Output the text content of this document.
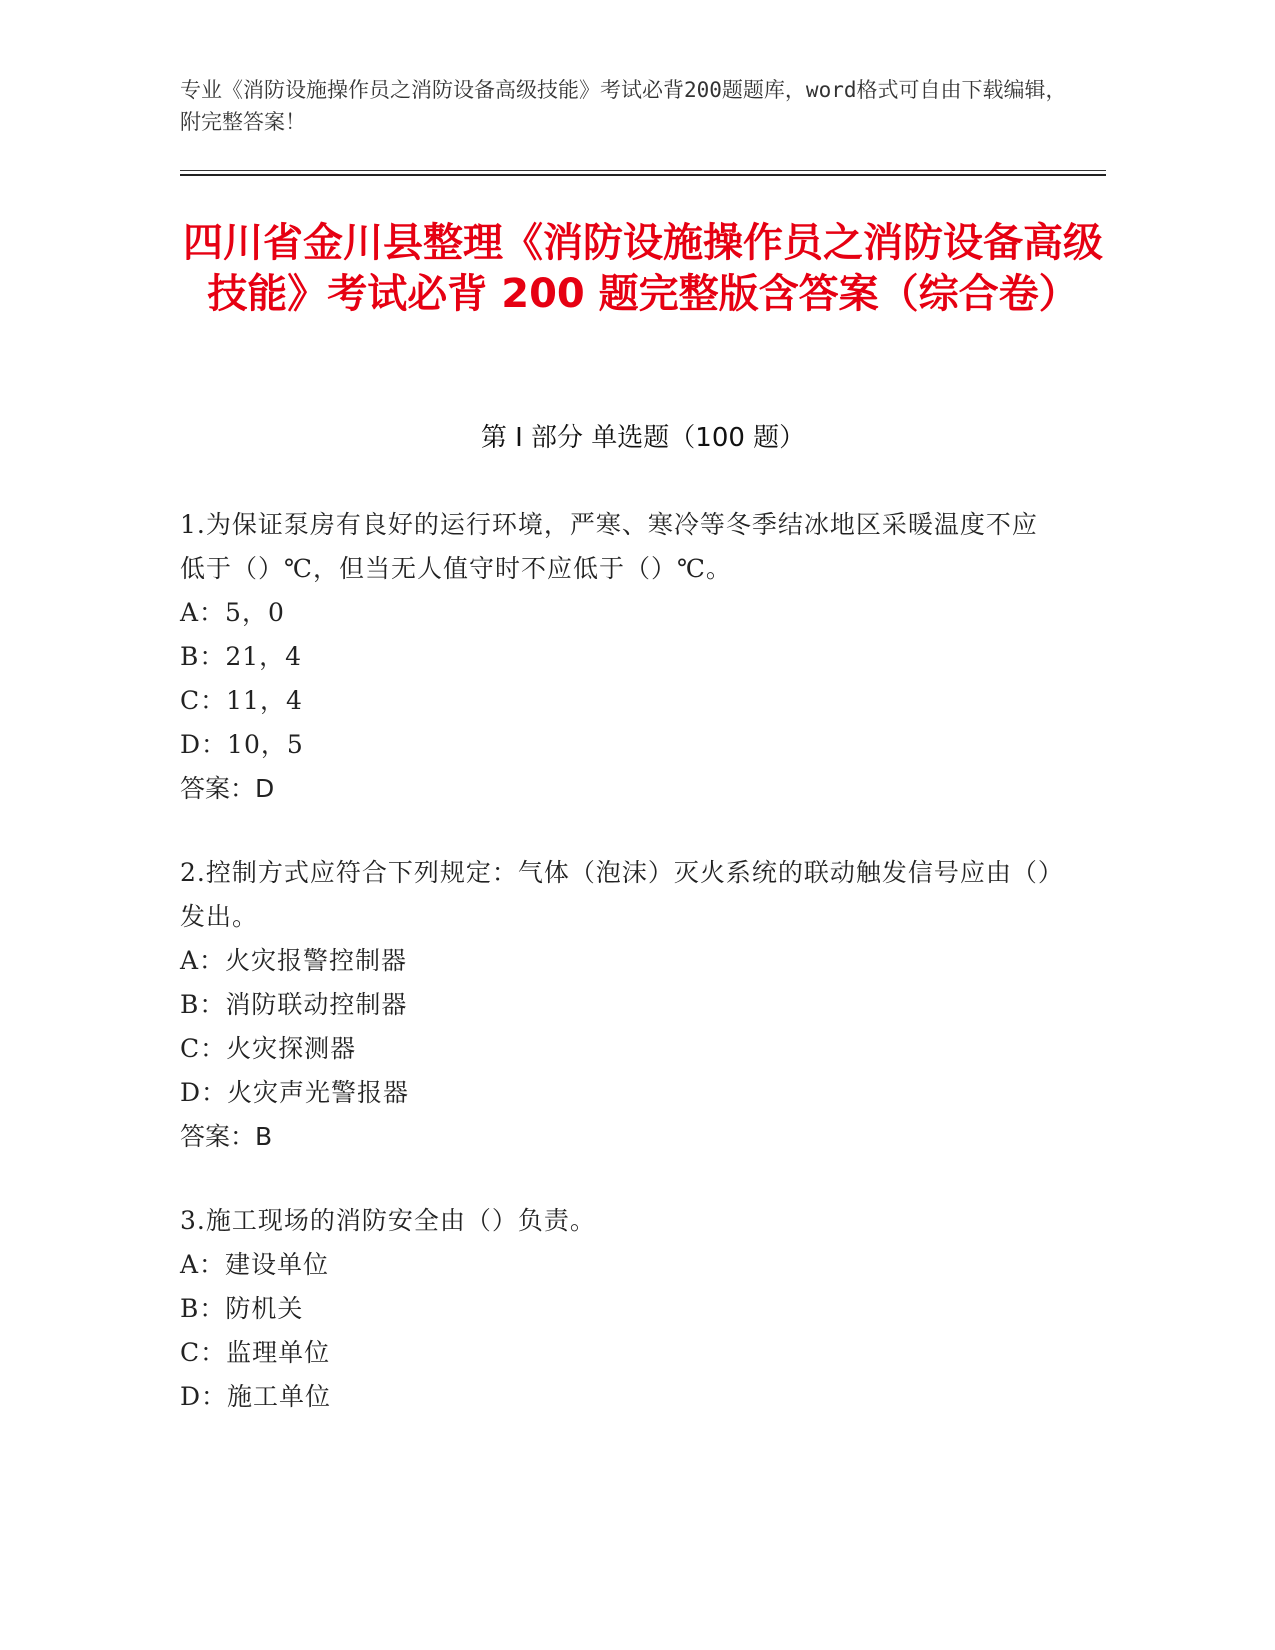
专业《消防设施操作员之消防设备高级技能》考试必背200题题库，word格式可自由下载编辑，附完整答案！
四川省金川县整理《消防设施操作员之消防设备高级技能》考试必背 200 题完整版含答案（综合卷）
第 I 部分 单选题（100 题）
1.为保证泵房有良好的运行环境，严寒、寒冷等冬季结冰地区采暖温度不应低于（）℃，但当无人值守时不应低于（）℃。
A：5，0
B：21，4
C：11，4
D：10，5
答案：D
2.控制方式应符合下列规定：气体（泡沫）灭火系统的联动触发信号应由（）发出。
A：火灾报警控制器
B：消防联动控制器
C：火灾探测器
D：火灾声光警报器
答案：B
3.施工现场的消防安全由（）负责。
A：建设单位
B：防机关
C：监理单位
D：施工单位
